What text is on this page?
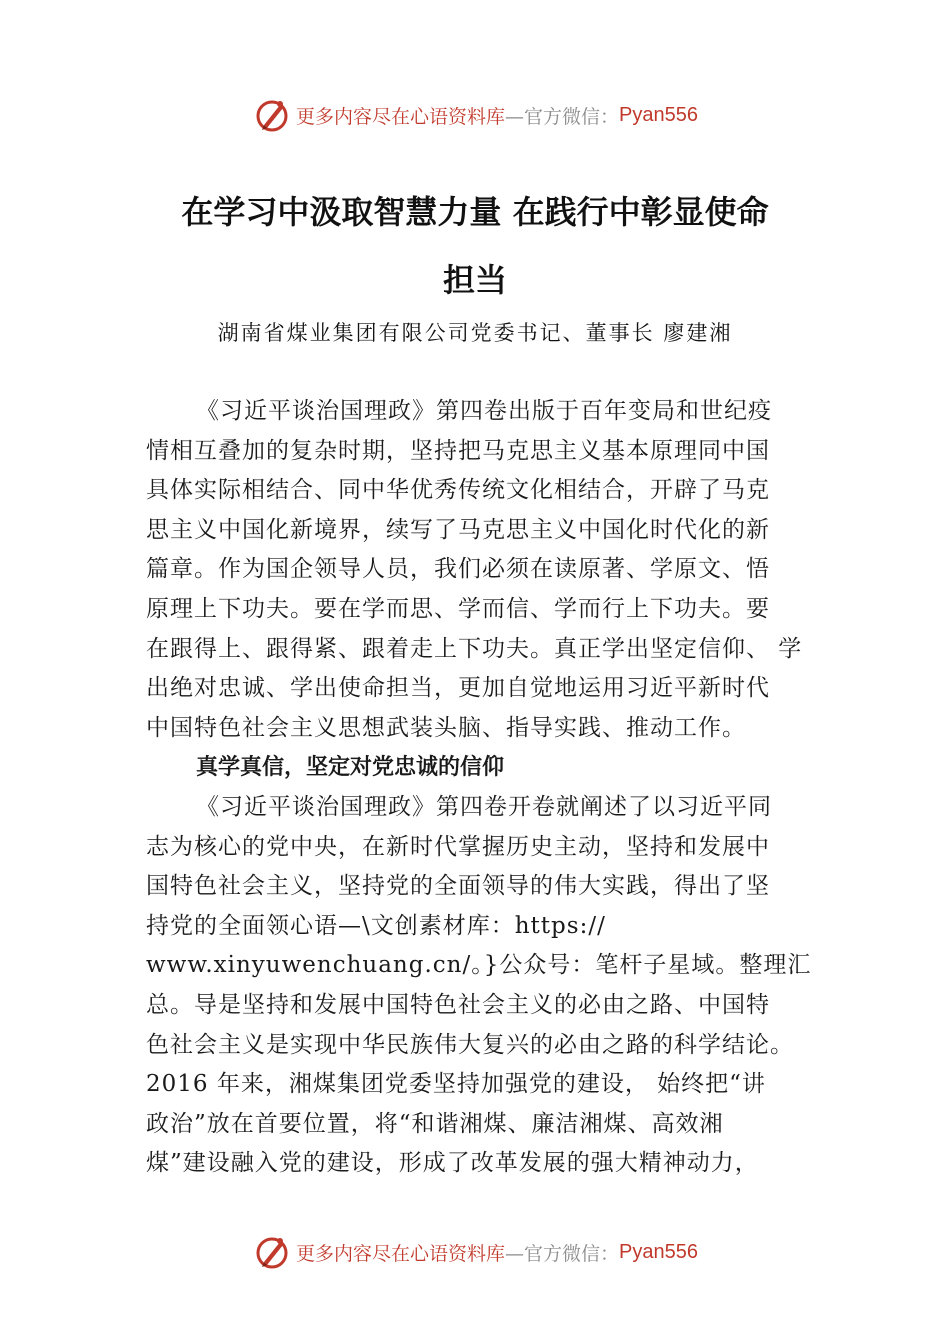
更多内容尽在心语资料库 —官方微信： Pyan556
在学习中汲取智慧力量 在践行中彰显使命
担当
湖南省煤业集团有限公司党委书记、董事长 廖建湘
《习近平谈治国理政》第四卷出版于百年变局和世纪疫
情相互叠加的复杂时期，坚持把马克思主义基本原理同中国
具体实际相结合、同中华优秀传统文化相结合，开辟了马克
思主义中国化新境界，续写了马克思主义中国化时代化的新
篇章。作为国企领导人员，我们必须在读原著、学原文、悟
原理上下功夫。要在学而思、学而信、学而行上下功夫。要
在跟得上、跟得紧、跟着走上下功夫。真正学出坚定信仰、 学
出绝对忠诚、学出使命担当，更加自觉地运用习近平新时代
中国特色社会主义思想武装头脑、指导实践、推动工作。
真学真信，坚定对党忠诚的信仰
《习近平谈治国理政》第四卷开卷就阐述了以习近平同
志为核心的党中央，在新时代掌握历史主动，坚持和发展中
国特色社会主义，坚持党的全面领导的伟大实践，得出了坚
持党的全面领心语—\文创素材库：https://
www.xinyuwenchuang.cn/。}公众号：笔杆子星域。整理汇
总。导是坚持和发展中国特色社会主义的必由之路、中国特
色社会主义是实现中华民族伟大复兴的必由之路的科学结论。
2016 年来，湘煤集团党委坚持加强党的建设， 始终把“讲
政治”放在首要位置，将“和谐湘煤、廉洁湘煤、高效湘
煤”建设融入党的建设，形成了改革发展的强大精神动力，
更多内容尽在心语资料库 —官方微信： Pyan556
